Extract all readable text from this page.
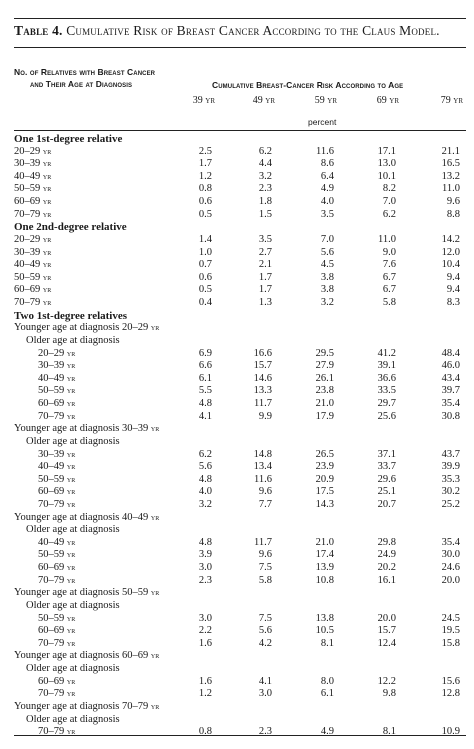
Table 4. Cumulative Risk of Breast Cancer According to the Claus Model.
No. of Relatives with Breast Cancer
and Their Age at Diagnosis	Cumulative Breast-Cancer Risk According to Age
39 yr	49 yr	59 yr	69 yr	79 yr
percent
One 1st-degree relative
20–29 yr	2.5	6.2	11.6	17.1	21.1
30–39 yr	1.7	4.4	8.6	13.0	16.5
40–49 yr	1.2	3.2	6.4	10.1	13.2
50–59 yr	0.8	2.3	4.9	8.2	11.0
60–69 yr	0.6	1.8	4.0	7.0	9.6
70–79 yr	0.5	1.5	3.5	6.2	8.8
One 2nd-degree relative
20–29 yr	1.4	3.5	7.0	11.0	14.2
30–39 yr	1.0	2.7	5.6	9.0	12.0
40–49 yr	0.7	2.1	4.5	7.6	10.4
50–59 yr	0.6	1.7	3.8	6.7	9.4
60–69 yr	0.5	1.7	3.8	6.7	9.4
70–79 yr	0.4	1.3	3.2	5.8	8.3
Two 1st-degree relatives
Younger age at diagnosis 20–29 yr
Older age at diagnosis
20–29 yr	6.9	16.6	29.5	41.2	48.4
30–39 yr	6.6	15.7	27.9	39.1	46.0
40–49 yr	6.1	14.6	26.1	36.6	43.4
50–59 yr	5.5	13.3	23.8	33.5	39.7
60–69 yr	4.8	11.7	21.0	29.7	35.4
70–79 yr	4.1	9.9	17.9	25.6	30.8
Younger age at diagnosis 30–39 yr
Older age at diagnosis
30–39 yr	6.2	14.8	26.5	37.1	43.7
40–49 yr	5.6	13.4	23.9	33.7	39.9
50–59 yr	4.8	11.6	20.9	29.6	35.3
60–69 yr	4.0	9.6	17.5	25.1	30.2
70–79 yr	3.2	7.7	14.3	20.7	25.2
Younger age at diagnosis 40–49 yr
Older age at diagnosis
40–49 yr	4.8	11.7	21.0	29.8	35.4
50–59 yr	3.9	9.6	17.4	24.9	30.0
60–69 yr	3.0	7.5	13.9	20.2	24.6
70–79 yr	2.3	5.8	10.8	16.1	20.0
Younger age at diagnosis 50–59 yr
Older age at diagnosis
50–59 yr	3.0	7.5	13.8	20.0	24.5
60–69 yr	2.2	5.6	10.5	15.7	19.5
70–79 yr	1.6	4.2	8.1	12.4	15.8
Younger age at diagnosis 60–69 yr
Older age at diagnosis
60–69 yr	1.6	4.1	8.0	12.2	15.6
70–79 yr	1.2	3.0	6.1	9.8	12.8
Younger age at diagnosis 70–79 yr
Older age at diagnosis
70–79 yr	0.8	2.3	4.9	8.1	10.9
